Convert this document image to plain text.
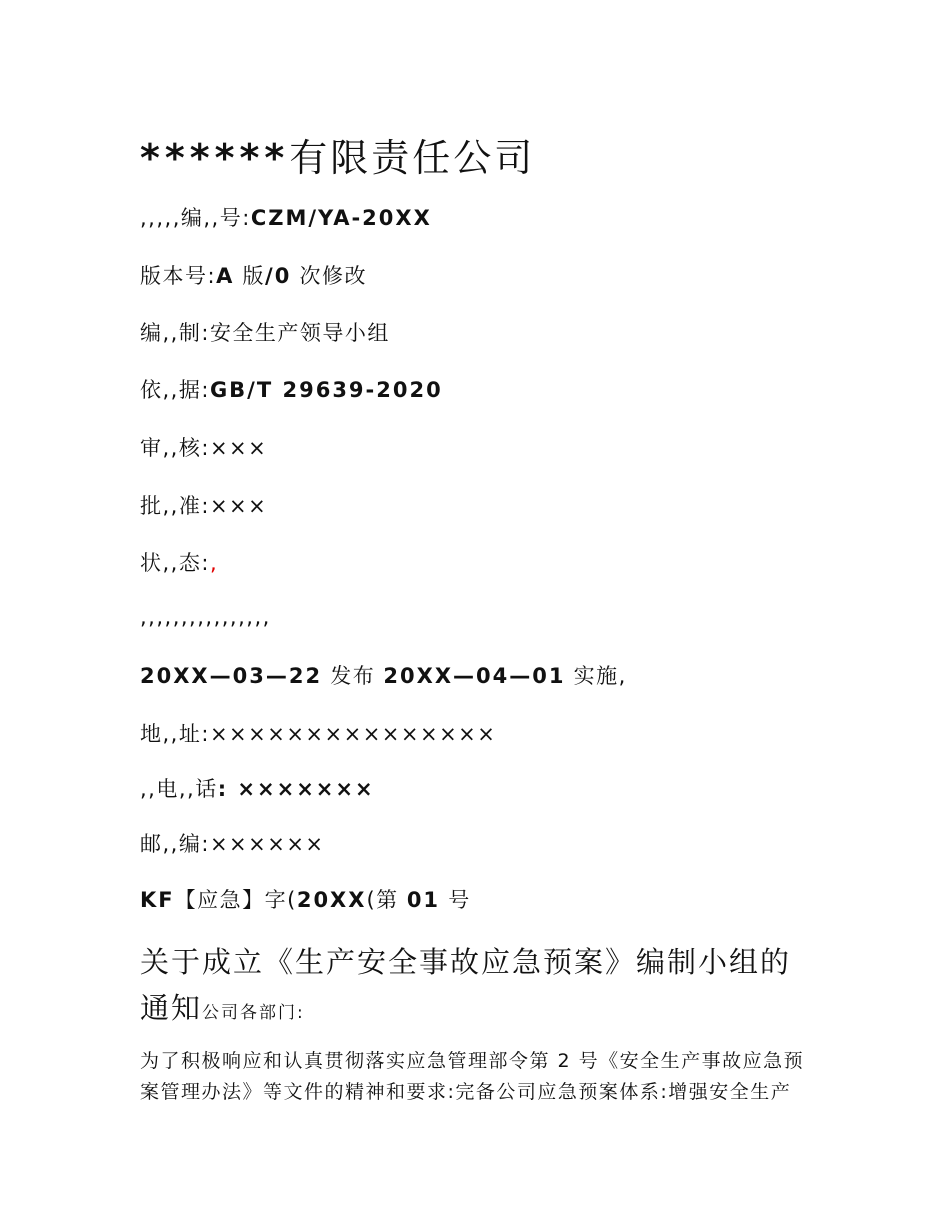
******有限责任公司
,,,,,编,,号:CZM/YA-20XX
版本号:A 版/0 次修改
编,,制:安全生产领导小组
依,,据:GB/T 29639-2020
审,,核:×××
批,,准:×××
状,,态:,
,,,,,,,,,,,,,,,,
20XX—03—22 发布 20XX—04—01 实施,
地,,址:×××××××××××××××
,,电,,话: ×××××××
邮,,编:××××××
KF【应急】字(20XX(第 01 号
关于成立《生产安全事故应急预案》编制小组的通知公司各部门:
为了积极响应和认真贯彻落实应急管理部令第 2 号《安全生产事故应急预案管理办法》等文件的精神和要求:完备公司应急预案体系:增强安全生产
